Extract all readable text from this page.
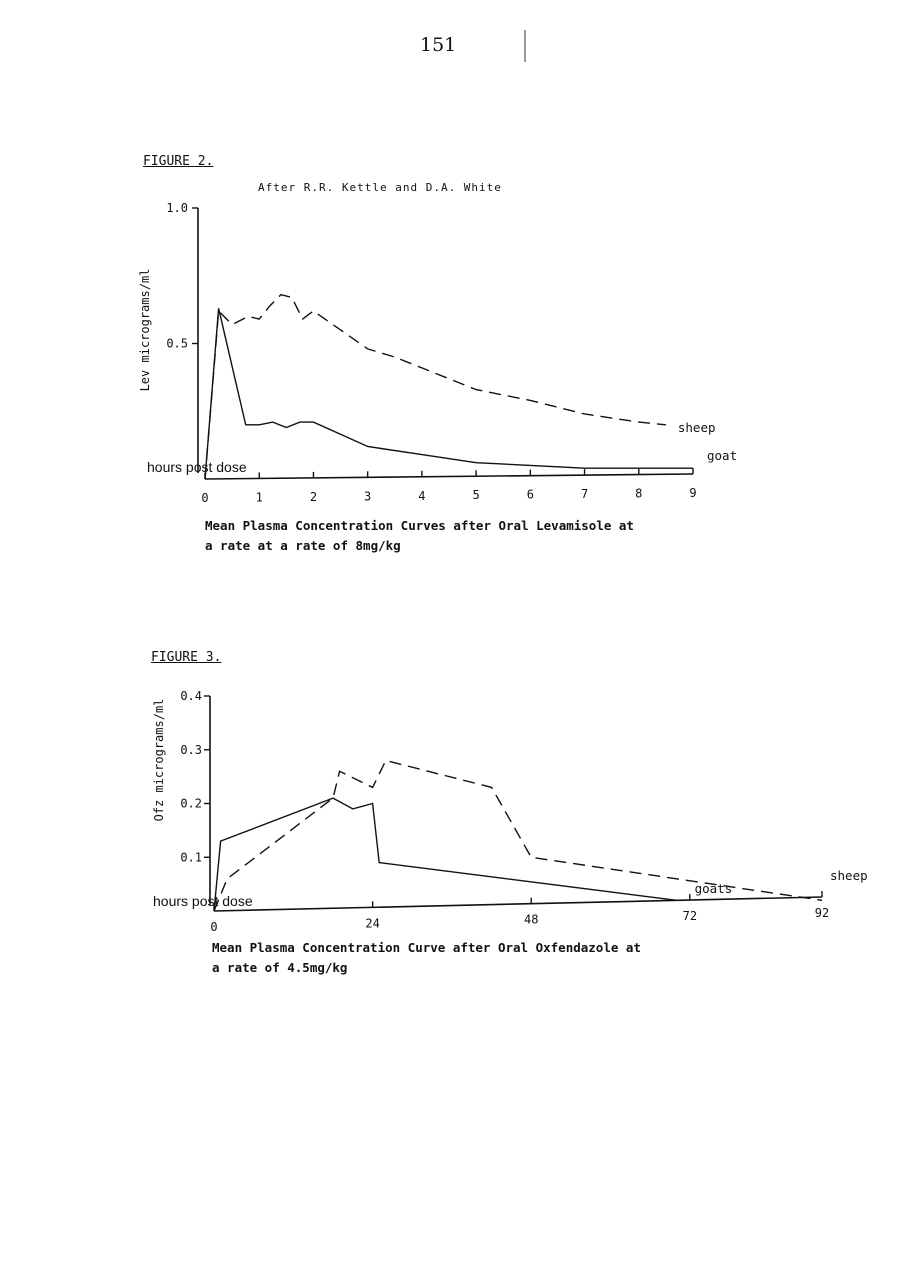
151
FIGURE 2.
After R.R. Kettle and D.A. White
hours post dose
Mean Plasma Concentration Curves after Oral Levamisole at
a rate at a rate of 8mg/kg
FIGURE 3.
hours post dose
Mean Plasma Concentration Curve after Oral Oxfendazole at
a rate of 4.5mg/kg
0	1	2	3	4	5	6	7	8	9
0.5
1.0
Lev micrograms/ml
sheep
goat
0	24	48	72	92
0.1
0.2
0.3
0.4
Ofz micrograms/ml
sheep
goats
